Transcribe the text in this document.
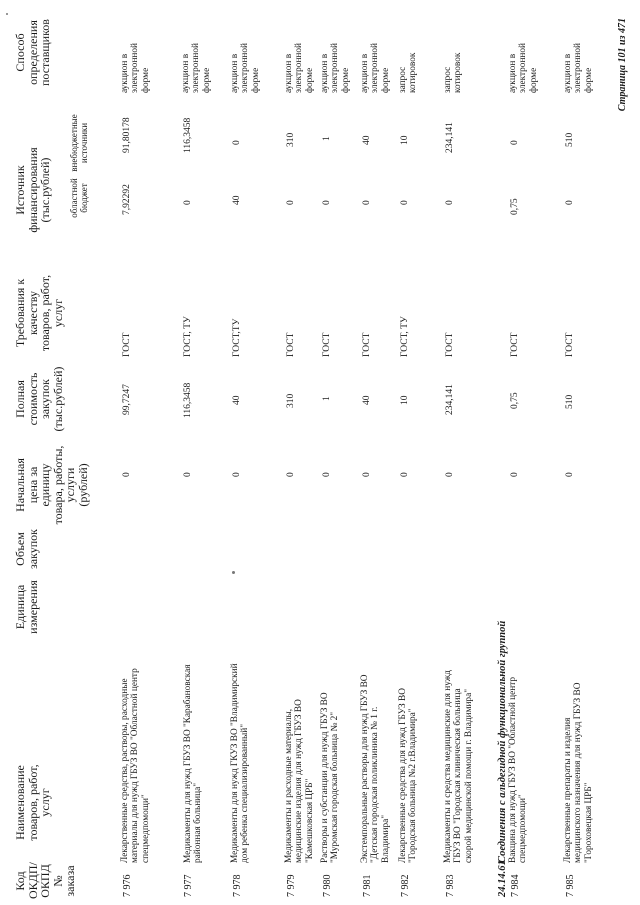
Код ОКДП/ ОКПД № заказа
Наименование товаров, работ, услуг
Единица измерения
Объем закупок
Начальная цена за единицу товара, работы, услуги (рублей)
Полная стоимость закупок (тыс.рублей)
Требования к качеству товаров, работ, услуг
Источник финансирования (тыс.рублей) областной бюджет
внебюджетные источники
Способ определения поставщиков
7 976
Лекарственные средства, растворы, расходные материалы для нужд ГБУЗ ВО "Областной центр спецмедпомощи"
0
99,7247
ГОСТ
7,92292
91,80178
аукцион в электронной форме
7 977
Медикаменты для нужд ГБУЗ ВО "Карабановская районная больница"
0
116,3458
ГОСТ, ТУ
0
116,3458
аукцион в электронной форме
7 978
Медикаменты для нужд ГКУЗ ВО "Владимирский дом ребенка специализированный"
0
40
ГОСТ,ТУ
40
0
аукцион в электронной форме
7 979
Медикаменты и расходные материалы, медицинские изделия для нужд ГБУЗ ВО "Камешковская ЦРБ"
0
310
ГОСТ
0
310
аукцион в электронной форме
7 980
Растворы и субстанции для нужд ГБУЗ ВО "Муромская городская больница № 2"
0
1
ГОСТ
0
1
аукцион в электронной форме
7 981
Экстемпоральные растворы для нужд ГБУЗ ВО "Детская городская поликлиника № 1 г. Владимира"
0
40
ГОСТ
0
40
аукцион в электронной форме
7 982
Лекарственные средства для нужд ГБУЗ ВО "Городская больница №2 г.Владимира"
0
10
ГОСТ, ТУ
0
10
запрос котировок
7 983
Медикаменты и средства медицинские для нужд ГБУЗ ВО "Городская клиническая больница скорой медицинской помощи г. Владимира"
0
234,141
ГОСТ
0
234,141
запрос котировок
24.14.61
Соединения с альдегидной функциональной группой
7 984
Вакцина для нужд ГБУЗ ВО "Областной центр спецмедпомощи"
0
0,75
ГОСТ
0,75
0
аукцион в электронной форме
7 985
Лекарственные препараты и изделия медицинского назначения для нужд ГБУЗ ВО "Гороховецкая ЦРБ"
0
510
ГОСТ
0
510
аукцион в электронной форме Страница 101 из 471
